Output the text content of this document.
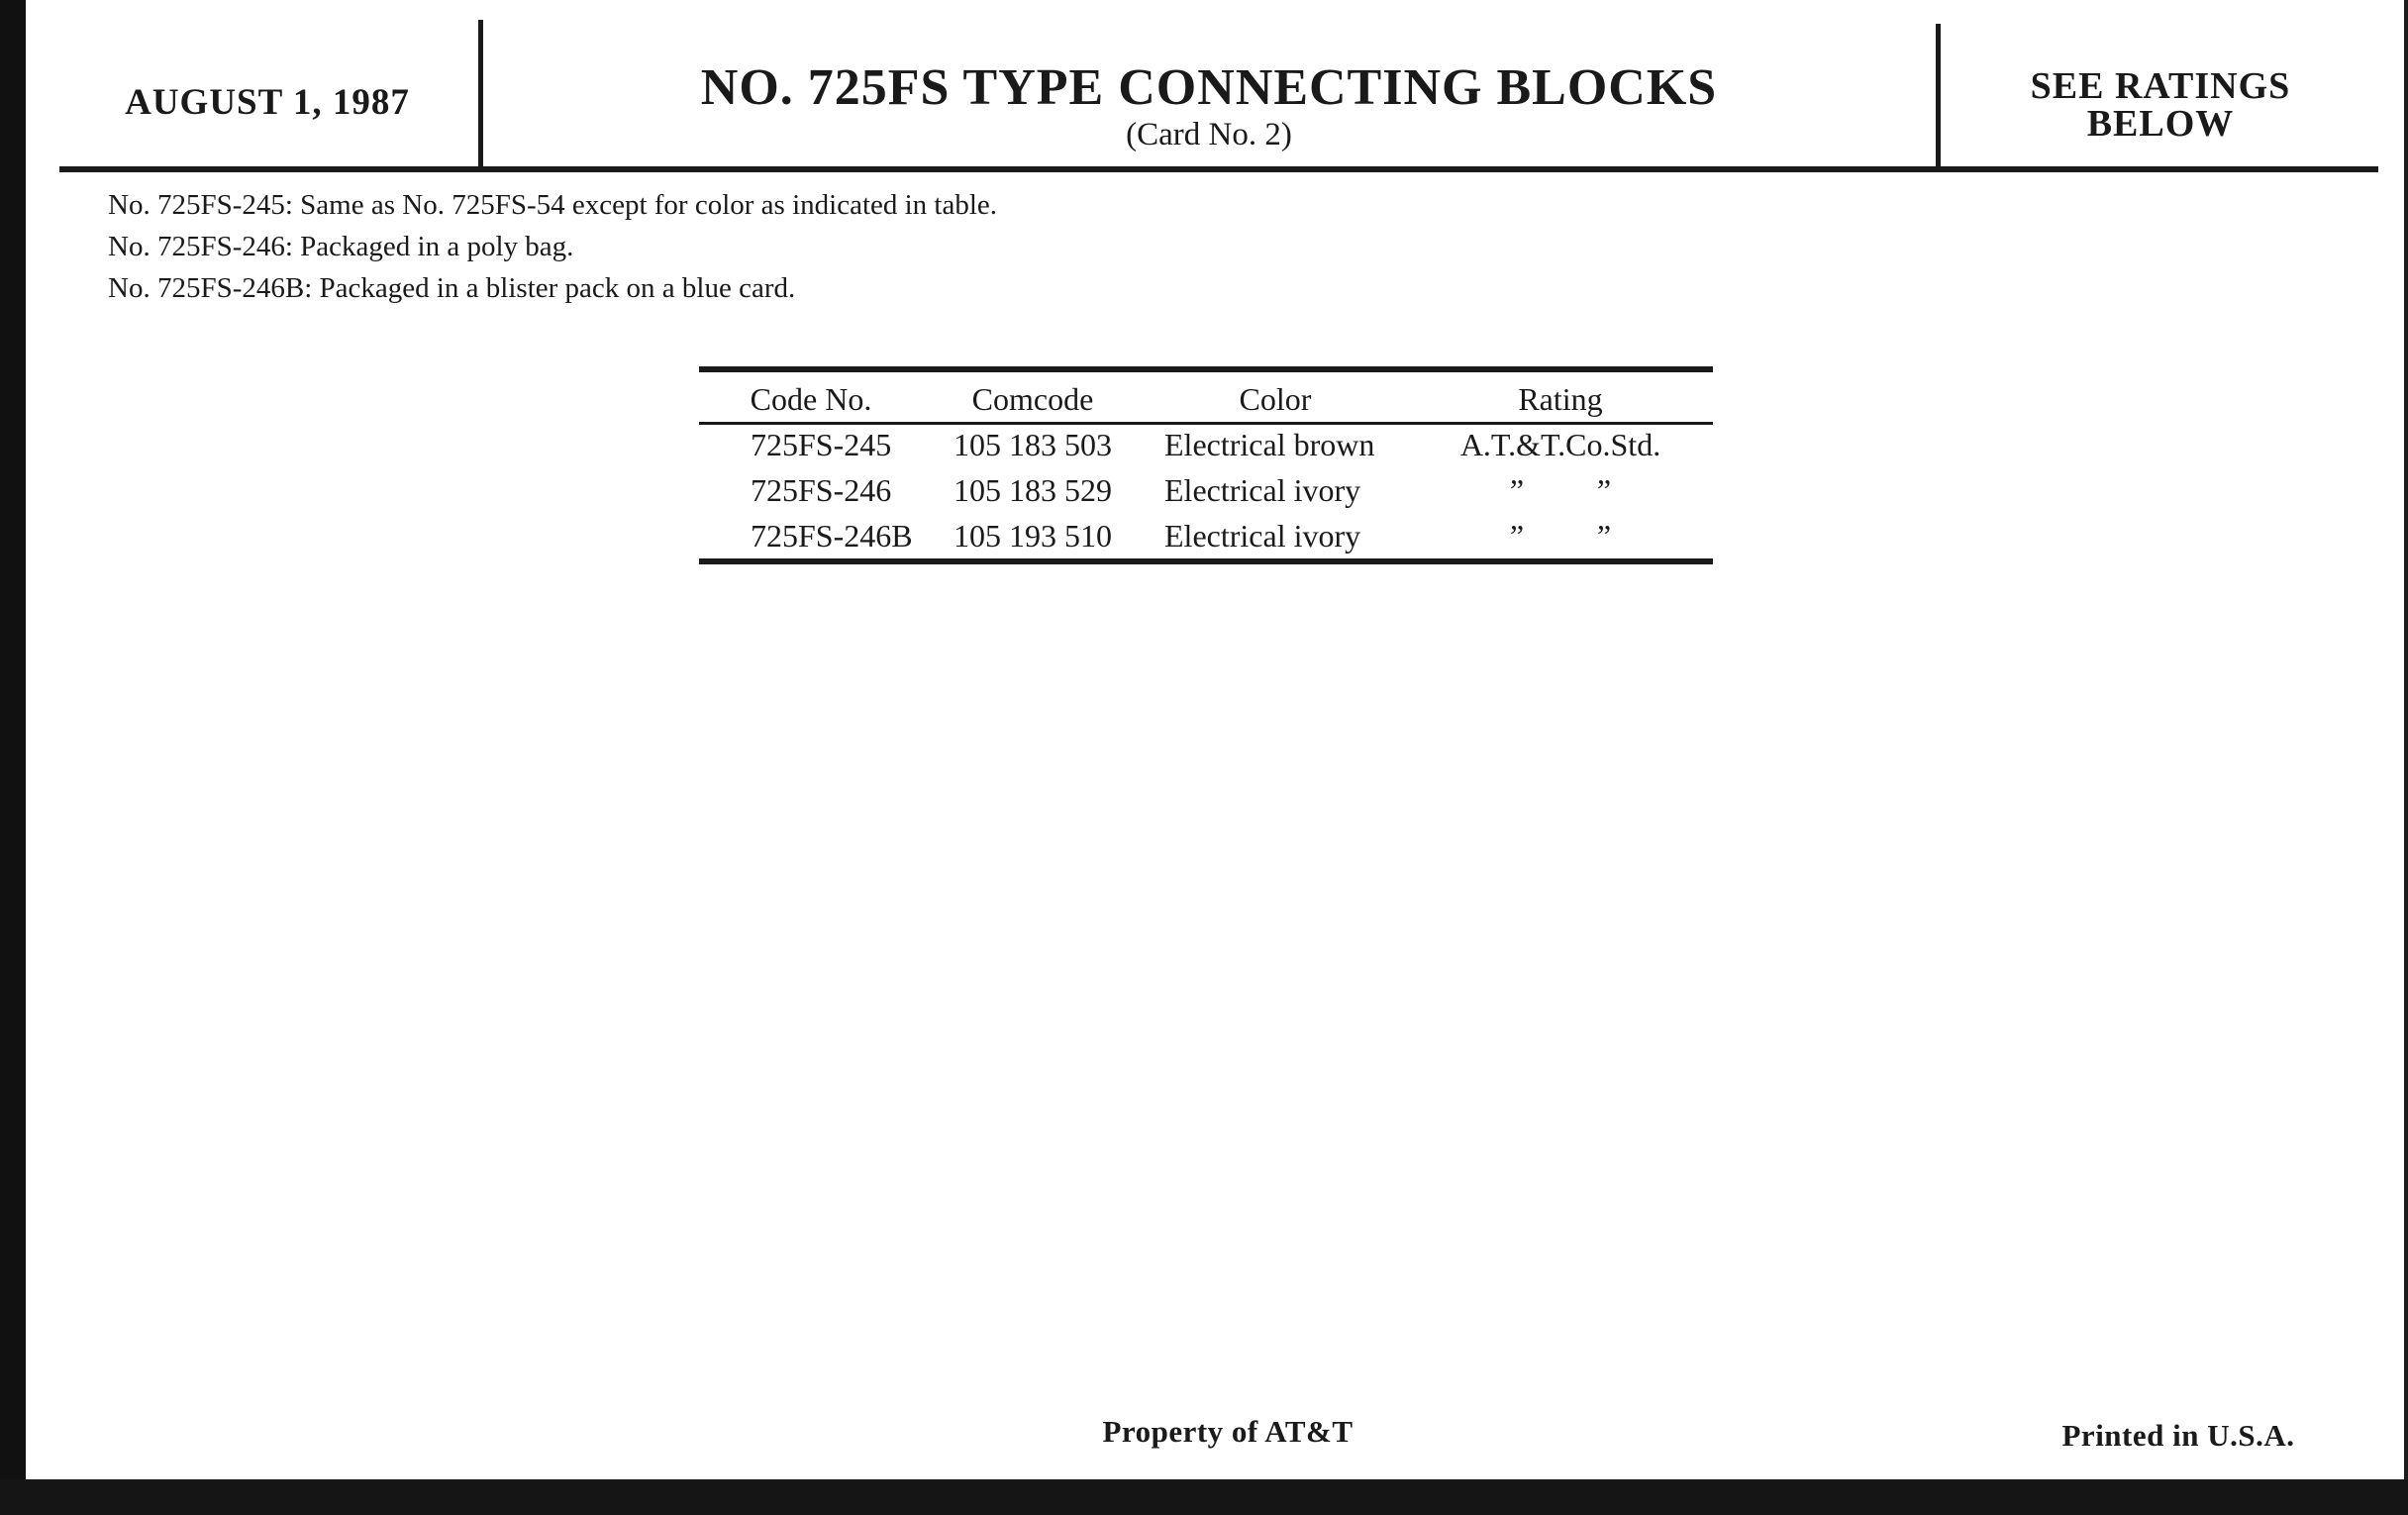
AUGUST 1, 1987	NO. 725FS TYPE CONNECTING BLOCKS
(Card No. 2)
SEE RATINGS
BELOW
No. 725FS-245: Same as No. 725FS-54 except for color as indicated in table.
No. 725FS-246: Packaged in a poly bag.
No. 725FS-246B: Packaged in a blister pack on a blue card.
Code No.	Comcode	Color	Rating
725FS-245	105 183 503	Electrical brown	A.T.&T.Co.Std.
725FS-246	105 183 529	Electrical ivory	” ”
725FS-246B	105 193 510	Electrical ivory	” ”
Property of AT&T	Printed in U.S.A.
